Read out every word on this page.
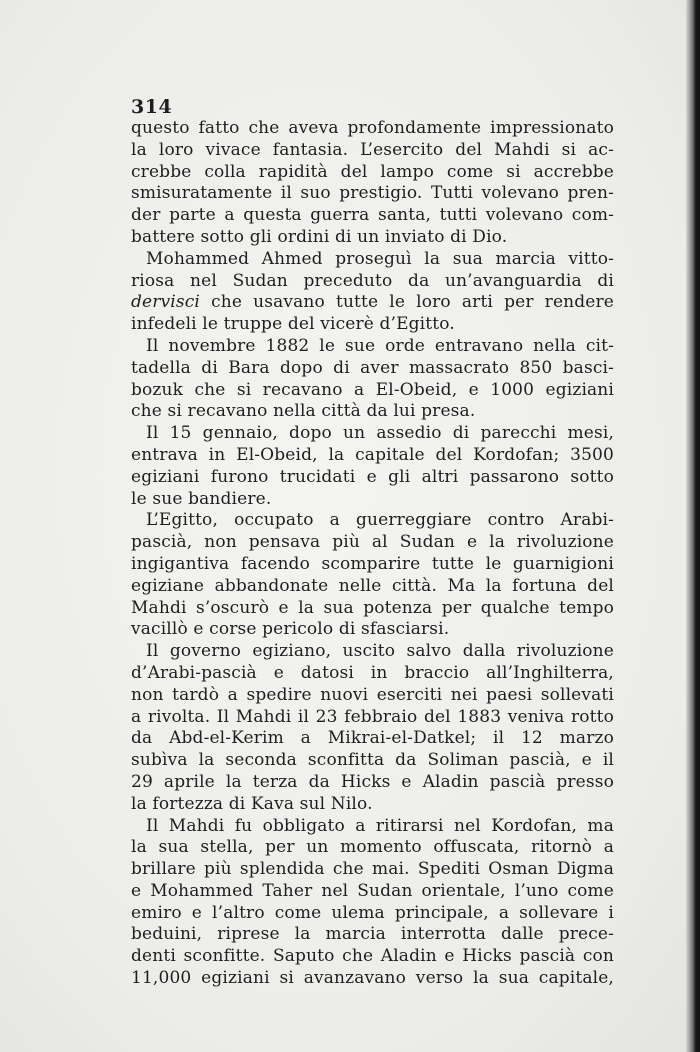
314
questo fatto che aveva profondamente impressionato
la loro vivace fantasia. L’esercito del Mahdi si ac-
crebbe colla rapidità del lampo come si accrebbe
smisuratamente il suo prestigio. Tutti volevano pren-
der parte a questa guerra santa, tutti volevano com-
battere sotto gli ordini di un inviato di Dio.
Mohammed Ahmed proseguì la sua marcia vitto-
riosa nel Sudan preceduto da un’avanguardia di
dervisci che usavano tutte le loro arti per rendere
infedeli le truppe del vicerè d’Egitto.
Il novembre 1882 le sue orde entravano nella cit-
tadella di Bara dopo di aver massacrato 850 basci-
bozuk che si recavano a El-Obeid, e 1000 egiziani
che si recavano nella città da lui presa.
Il 15 gennaio, dopo un assedio di parecchi mesi,
entrava in El-Obeid, la capitale del Kordofan; 3500
egiziani furono trucidati e gli altri passarono sotto
le sue bandiere.
L’Egitto, occupato a guerreggiare contro Arabi-
pascià, non pensava più al Sudan e la rivoluzione
ingigantiva facendo scomparire tutte le guarnigioni
egiziane abbandonate nelle città. Ma la fortuna del
Mahdi s’oscurò e la sua potenza per qualche tempo
vacillò e corse pericolo di sfasciarsi.
Il governo egiziano, uscito salvo dalla rivoluzione
d’Arabi-pascià e datosi in braccio all’Inghilterra,
non tardò a spedire nuovi eserciti nei paesi sollevati
a rivolta. Il Mahdi il 23 febbraio del 1883 veniva rotto
da Abd-el-Kerim a Mikrai-el-Datkel; il 12 marzo
subìva la seconda sconfitta da Soliman pascià, e il
29 aprile la terza da Hicks e Aladin pascià presso
la fortezza di Kava sul Nilo.
Il Mahdi fu obbligato a ritirarsi nel Kordofan, ma
la sua stella, per un momento offuscata, ritornò a
brillare più splendida che mai. Spediti Osman Digma
e Mohammed Taher nel Sudan orientale, l’uno come
emiro e l’altro come ulema principale, a sollevare i
beduini, riprese la marcia interrotta dalle prece-
denti sconfitte. Saputo che Aladin e Hicks pascià con
11,000 egiziani si avanzavano verso la sua capitale,
